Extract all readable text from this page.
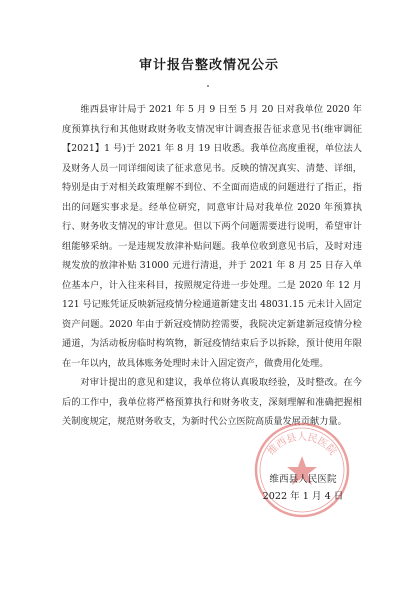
审计报告整改情况公示

维西县审计局于 2021 年 5 月 9 日至 5 月 20 日对我单位 2020 年度预算执行和其他财政财务收支情况审计调查报告征求意见书(维审调征【2021】1 号)于 2021 年 8 月 19 日收悉。我单位高度重视，单位法人及财务人员一同详细阅读了征求意见书。反映的情况真实、清楚、详细，特别是由于对相关政策理解不到位、不全面而造成的问题进行了指正，指出的问题实事求是。经单位研究，同意审计局对我单位 2020 年预算执行、财务收支情况的审计意见。但以下两个问题需要进行说明，希望审计组能够采纳。一是违规发放津补贴问题。我单位收到意见书后，及时对违规发放的放津补贴 31000 元进行清退，并于 2021 年 8 月 25 日存入单位基本户，计入往来科目，按照规定待进一步处理。二是 2020 年 12 月 121 号记账凭证反映新冠疫情分检通道新建支出 48031.15 元未计入固定资产问题。2020 年由于新冠疫情防控需要，我院决定新建新冠疫情分检通道，为活动板房临时构筑物，新冠疫情结束后予以拆除，预计使用年限在一年以内，故具体账务处理时未计入固定资产，做费用化处理。

对审计提出的意见和建议，我单位将认真吸取经验，及时整改。在今后的工作中，我单位将严格预算执行和财务收支，深刻理解和准确把握相关制度规定，规范财务收支，为新时代公立医院高质量发展贡献力量。

维西县人民医院
维西县人民医院
2022 年 1 月 4 日
